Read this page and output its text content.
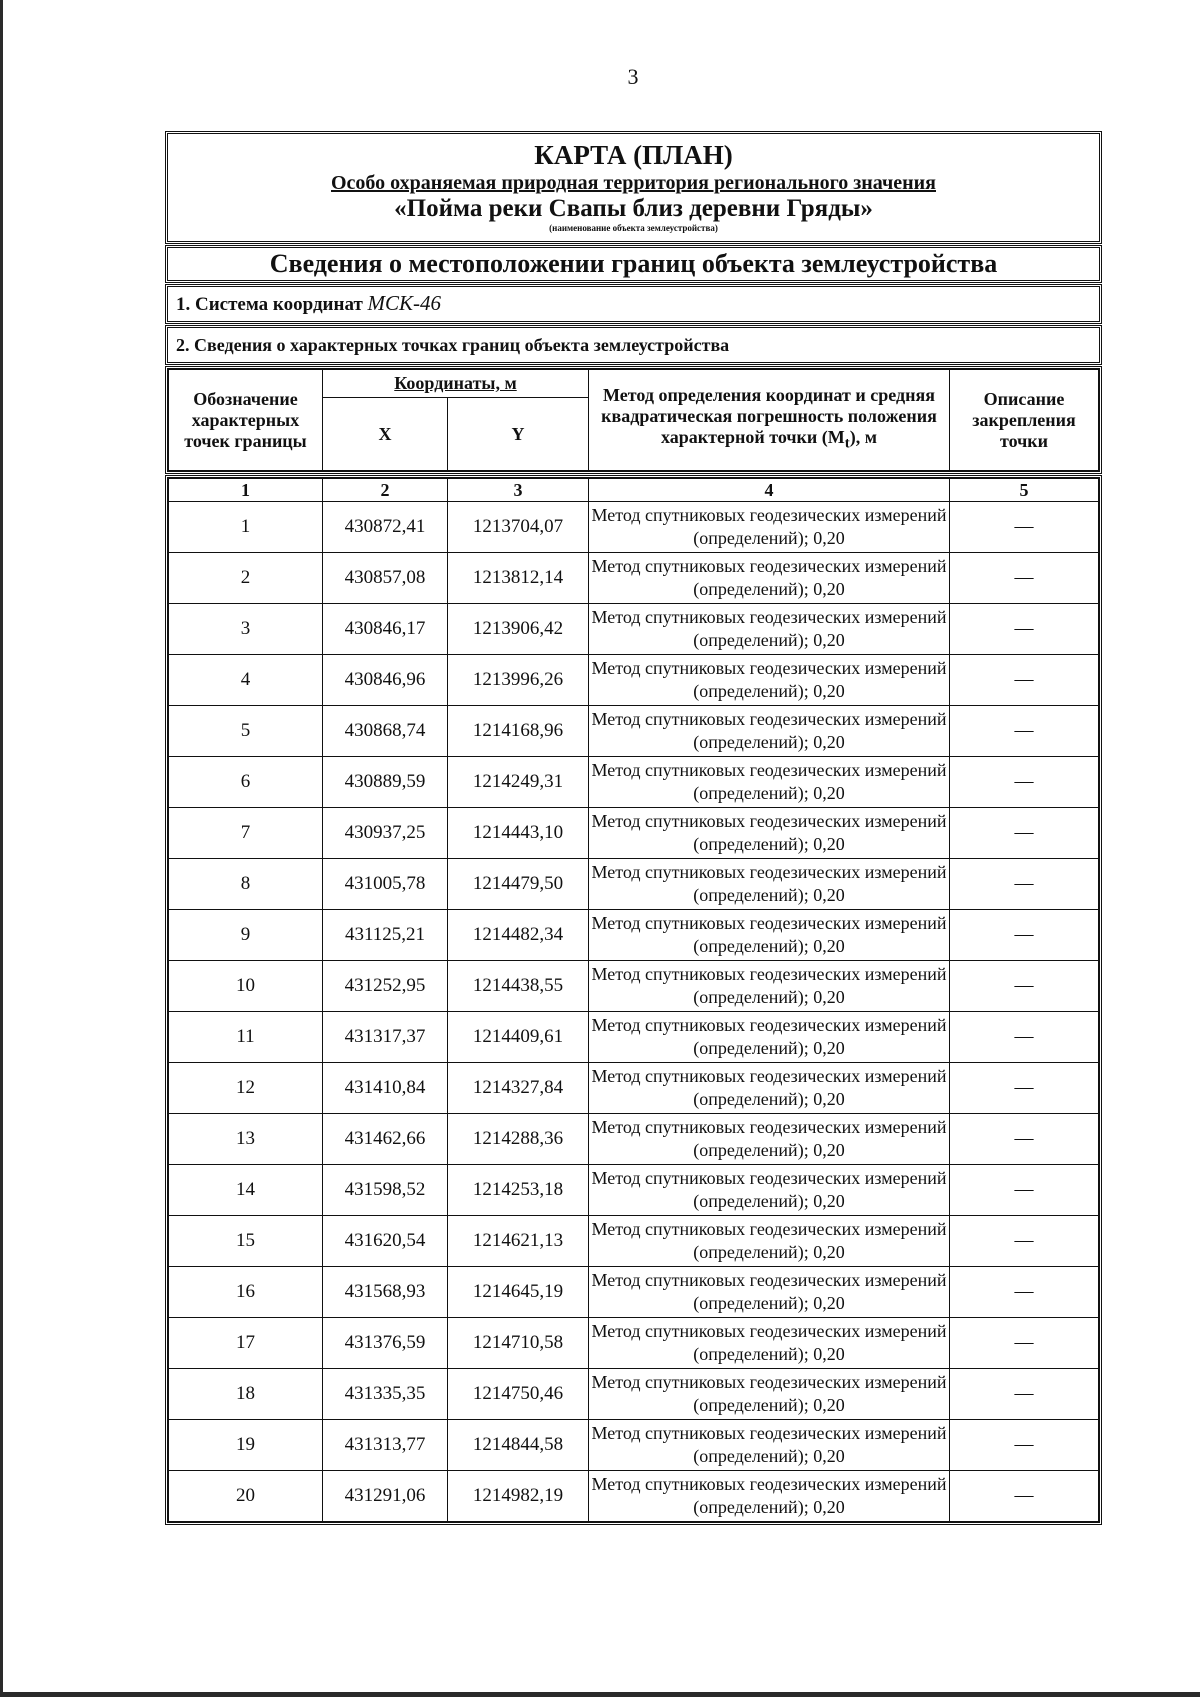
3
КАРТА (ПЛАН)
Особо охраняемая природная территория регионального значения
«Пойма реки Свапы близ деревни Гряды»
(наименование объекта землеустройства)
Сведения о местоположении границ объекта землеустройства
1. Система координат МСК-46
2. Сведения о характерных точках границ объекта землеустройства
Обозначение характерных точек границы	Координаты, м		Метод определения координат и средняя квадратическая погрешность положения характерной точки $(M_t)$, м	Описание закрепления точки
	X	Y		
1	2	3	4	5
1	430872,41	1213704,07	Метод спутниковых геодезических измерений (определений); 0,20	—
2	430857,08	1213812,14	Метод спутниковых геодезических измерений (определений); 0,20	—
3	430846,17	1213906,42	Метод спутниковых геодезических измерений (определений); 0,20	—
4	430846,96	1213996,26	Метод спутниковых геодезических измерений (определений); 0,20	—
5	430868,74	1214168,96	Метод спутниковых геодезических измерений (определений); 0,20	—
6	430889,59	1214249,31	Метод спутниковых геодезических измерений (определений); 0,20	—
7	430937,25	1214443,10	Метод спутниковых геодезических измерений (определений); 0,20	—
8	431005,78	1214479,50	Метод спутниковых геодезических измерений (определений); 0,20	—
9	431125,21	1214482,34	Метод спутниковых геодезических измерений (определений); 0,20	—
10	431252,95	1214438,55	Метод спутниковых геодезических измерений (определений); 0,20	—
11	431317,37	1214409,61	Метод спутниковых геодезических измерений (определений); 0,20	—
12	431410,84	1214327,84	Метод спутниковых геодезических измерений (определений); 0,20	—
13	431462,66	1214288,36	Метод спутниковых геодезических измерений (определений); 0,20	—
14	431598,52	1214253,18	Метод спутниковых геодезических измерений (определений); 0,20	—
15	431620,54	1214621,13	Метод спутниковых геодезических измерений (определений); 0,20	—
16	431568,93	1214645,19	Метод спутниковых геодезических измерений (определений); 0,20	—
17	431376,59	1214710,58	Метод спутниковых геодезических измерений (определений); 0,20	—
18	431335,35	1214750,46	Метод спутниковых геодезических измерений (определений); 0,20	—
19	431313,77	1214844,58	Метод спутниковых геодезических измерений (определений); 0,20	—
20	431291,06	1214982,19	Метод спутниковых геодезических измерений (определений); 0,20	—
